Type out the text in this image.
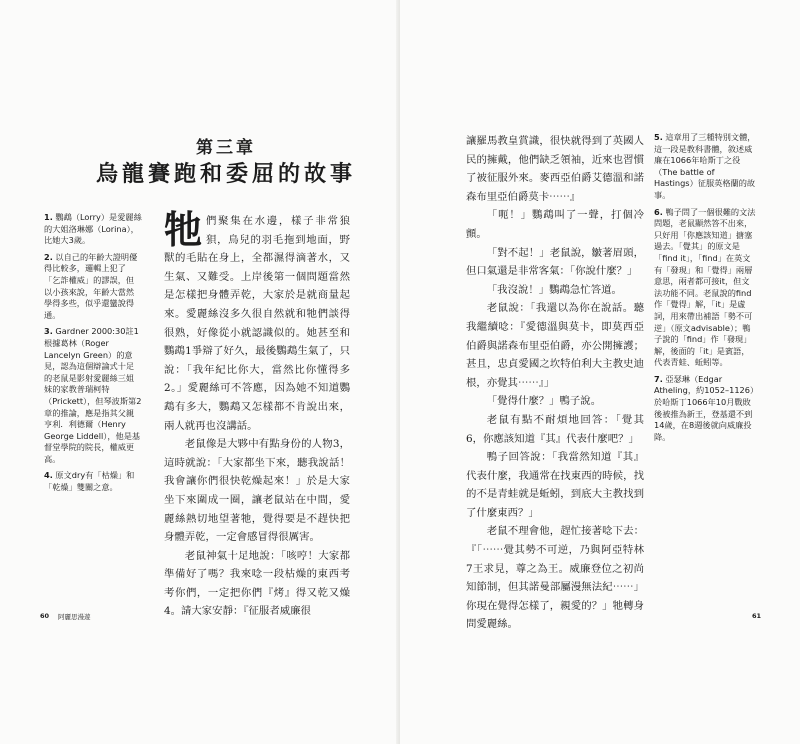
第三章
烏龍賽跑和委屈的故事
1. 鸚鵡（Lorry）是愛麗絲的大姐洛琳娜（Lorina），比她大3歲。
2. 以自己的年齡大證明優得比較多，邏輯上犯了「乞詐權威」的謬誤，但以小孩來說，年齡大當然學得多些，似乎還蠻說得通。
3. Gardner 2000:30註1根據葛林（Roger Lancelyn Green）的意見，認為這個辯論式十足的老鼠是影射愛麗絲三姐妹的家教普瑞柯特（Prickett），但琴波斯第2章的推論，應是指其父親亨利．利德爾（Henry George Liddell），他是基督堂學院的院長，權威更高。
4. 原文dry有「枯燥」和「乾燥」雙關之意。

牠們聚集在水邊，樣子非常狼狽，鳥兒的羽毛拖到地面，野獸的毛貼在身上，全都濕得滴著水，又生氣、又難受。上岸後第一個問題當然是怎樣把身體弄乾，大家於是就商量起來。愛麗絲沒多久很自然就和牠們談得很熟，好像從小就認識似的。她甚至和鸚鵡1爭辯了好久，最後鸚鵡生氣了，只說：「我年紀比你大，當然比你懂得多2。」愛麗絲可不答應，因為她不知道鸚鵡有多大，鸚鵡又怎樣都不肯說出來，兩人就再也沒講話。

老鼠像是大夥中有點身份的人物3，這時就說：「大家都坐下來，聽我說話！我會讓你們很快乾燥起來！」於是大家坐下來圍成一圈，讓老鼠站在中間，愛麗絲熱切地望著牠，覺得要是不趕快把身體弄乾，一定會感冒得很厲害。

老鼠神氣十足地說：「咳哼！大家都準備好了嗎？我來唸一段枯燥的東西考考你們，一定把你們『烤』得又乾又燥4。請大家安靜：『征服者威廉很

60 阿麗思漫遊

讓羅馬教皇賞識，很快就得到了英國人民的擁戴，他們缺乏領袖，近來也習慣了被征服外來。麥西亞伯爵艾德溫和諾森布里亞伯爵莫卡⋯⋯』

「呃！」鸚鵡叫了一聲，打個冷顫。

「對不起！」老鼠說，皺著眉頭，但口氣還是非常客氣：「你說什麼？」

「我沒說！」鸚鵡急忙答道。

老鼠說：「我還以為你在說話。聽我繼續唸：『愛德溫與莫卡，即莫西亞伯爵與諾森布里亞伯爵，亦公開擁護；甚且，忠貞愛國之坎特伯利大主教史迪根，亦覺其⋯⋯』」

「覺得什麼？」鴨子說。

老鼠有點不耐煩地回答：「覺其6，你應該知道『其』代表什麼吧？」

鴨子回答說：「我當然知道『其』代表什麼，我通常在找東西的時候，找的不是青蛙就是蚯蚓，到底大主教找到了什麼東西？」

老鼠不理會他，趕忙接著唸下去：『「⋯⋯覺其勢不可逆，乃與阿亞特林7王求見，尊之為王。威廉登位之初尚知節制，但其諾曼部屬漫無法紀⋯⋯」你現在覺得怎樣了，親愛的？」牠轉身問愛麗絲。

5. 這章用了三種特別文體，這一段是教科書體，敘述威廉在1066年哈斯丁之役（The battle of Hastings）征服英格蘭的故事。
6. 鴨子問了一個很難的文法問題，老鼠顯然答不出來，只好用「你應該知道」搪塞過去。「覺其」的原文是「find it」，「find」在英文有「發現」和「覺得」兩層意思，兩者都可接it，但文法功能不同。老鼠說的find作「覺得」解，「it」是虛詞，用來帶出補語「勢不可逆」（原文advisable）；鴨子說的「find」作「發現」解，後面的「it」是賓語，代表青蛙、蚯蚓等。
7. 亞瑟琳（Edgar Atheling，約1052–1126）於哈斯丁1066年10月戰敗後被推為新王，登基還不到14歲，在8週後就向威廉投降。
61
